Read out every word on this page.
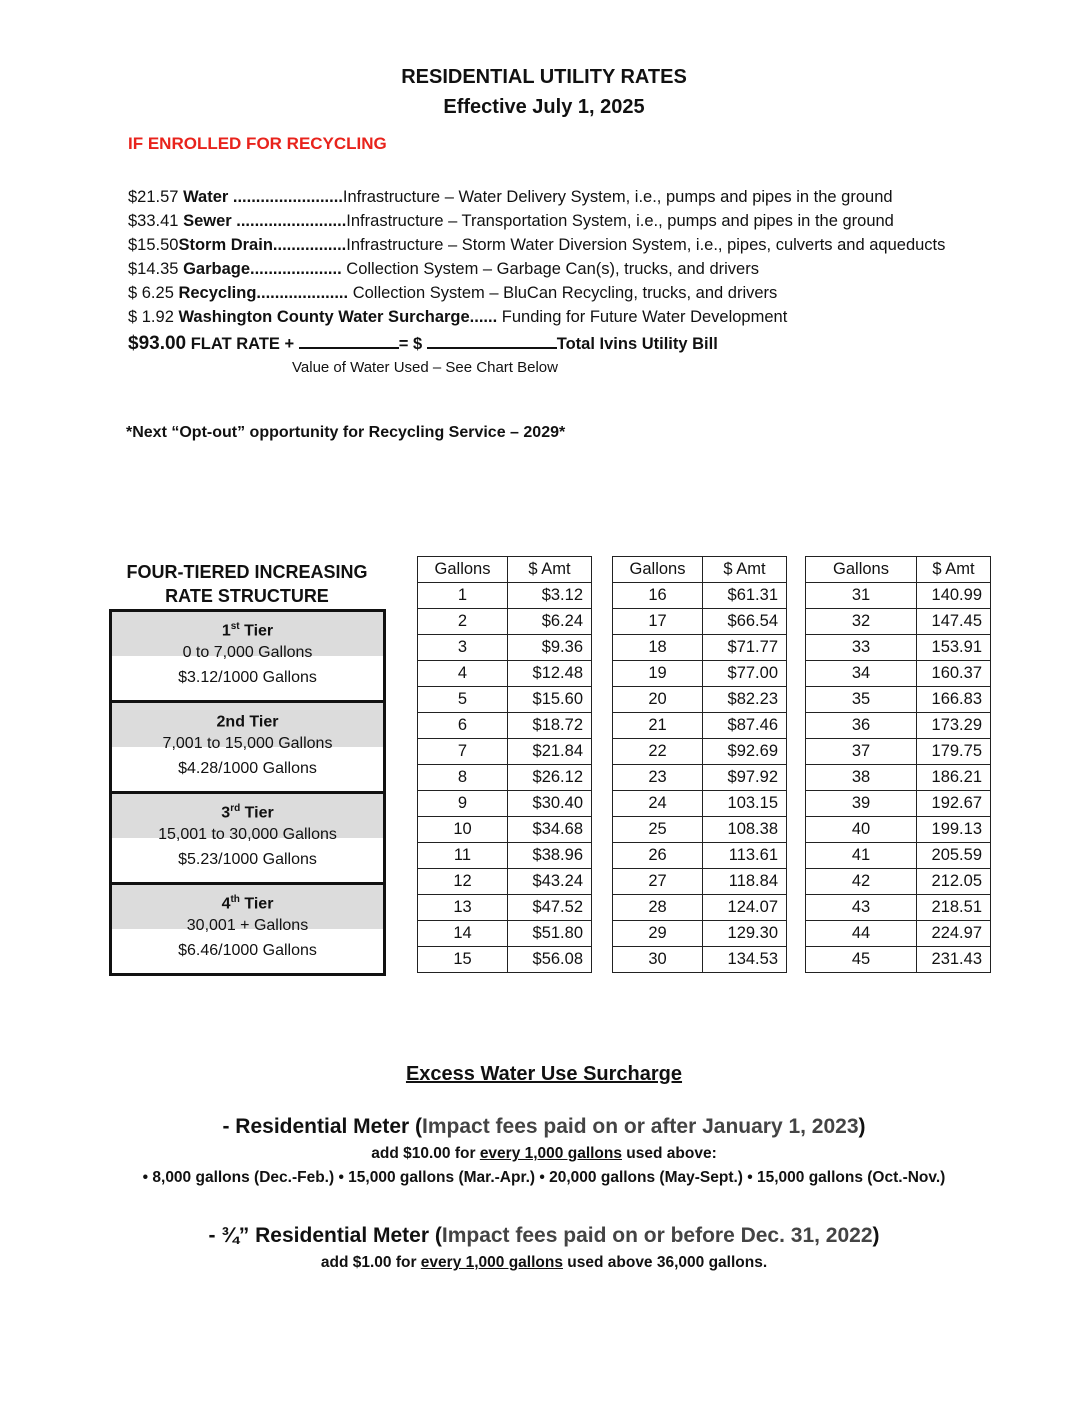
RESIDENTIAL UTILITY RATES
Effective July 1, 2025
IF ENROLLED FOR RECYCLING
$21.57 Water ........................Infrastructure – Water Delivery System, i.e., pumps and pipes in the ground
$33.41 Sewer ........................Infrastructure – Transportation System, i.e., pumps and pipes in the ground
$15.50Storm Drain................Infrastructure – Storm Water Diversion System, i.e., pipes, culverts and aqueducts
$14.35 Garbage.................... Collection System – Garbage Can(s), trucks, and drivers
$ 6.25 Recycling.................... Collection System – BluCan Recycling, trucks, and drivers
$ 1.92 Washington County Water Surcharge...... Funding for Future Water Development
$93.00 FLAT RATE +	= $	Total Ivins Utility Bill
Value of Water Used – See Chart Below
*Next “Opt-out” opportunity for Recycling Service – 2029*
FOUR-TIERED INCREASING
RATE STRUCTURE
1st Tier
0 to 7,000 Gallons
$3.12/1000 Gallons
2nd Tier
7,001 to 15,000 Gallons
$4.28/1000 Gallons
3rd Tier
15,001 to 30,000 Gallons
$5.23/1000 Gallons
4th Tier
30,001 + Gallons
$6.46/1000 Gallons
Gallons	$ Amt
1	$3.12
2	$6.24
3	$9.36
4	$12.48
5	$15.60
6	$18.72
7	$21.84
8	$26.12
9	$30.40
10	$34.68
11	$38.96
12	$43.24
13	$47.52
14	$51.80
15	$56.08
Gallons	$ Amt
16	$61.31
17	$66.54
18	$71.77
19	$77.00
20	$82.23
21	$87.46
22	$92.69
23	$97.92
24	103.15
25	108.38
26	113.61
27	118.84
28	124.07
29	129.30
30	134.53
Gallons	$ Amt
31	140.99
32	147.45
33	153.91
34	160.37
35	166.83
36	173.29
37	179.75
38	186.21
39	192.67
40	199.13
41	205.59
42	212.05
43	218.51
44	224.97
45	231.43
Excess Water Use Surcharge
- Residential Meter (Impact fees paid on or after January 1, 2023)
add $10.00 for every 1,000 gallons used above:
• 8,000 gallons (Dec.-Feb.) • 15,000 gallons (Mar.-Apr.) • 20,000 gallons (May-Sept.) • 15,000 gallons (Oct.-Nov.)
- ¾” Residential Meter (Impact fees paid on or before Dec. 31, 2022)
add $1.00 for every 1,000 gallons used above 36,000 gallons.
